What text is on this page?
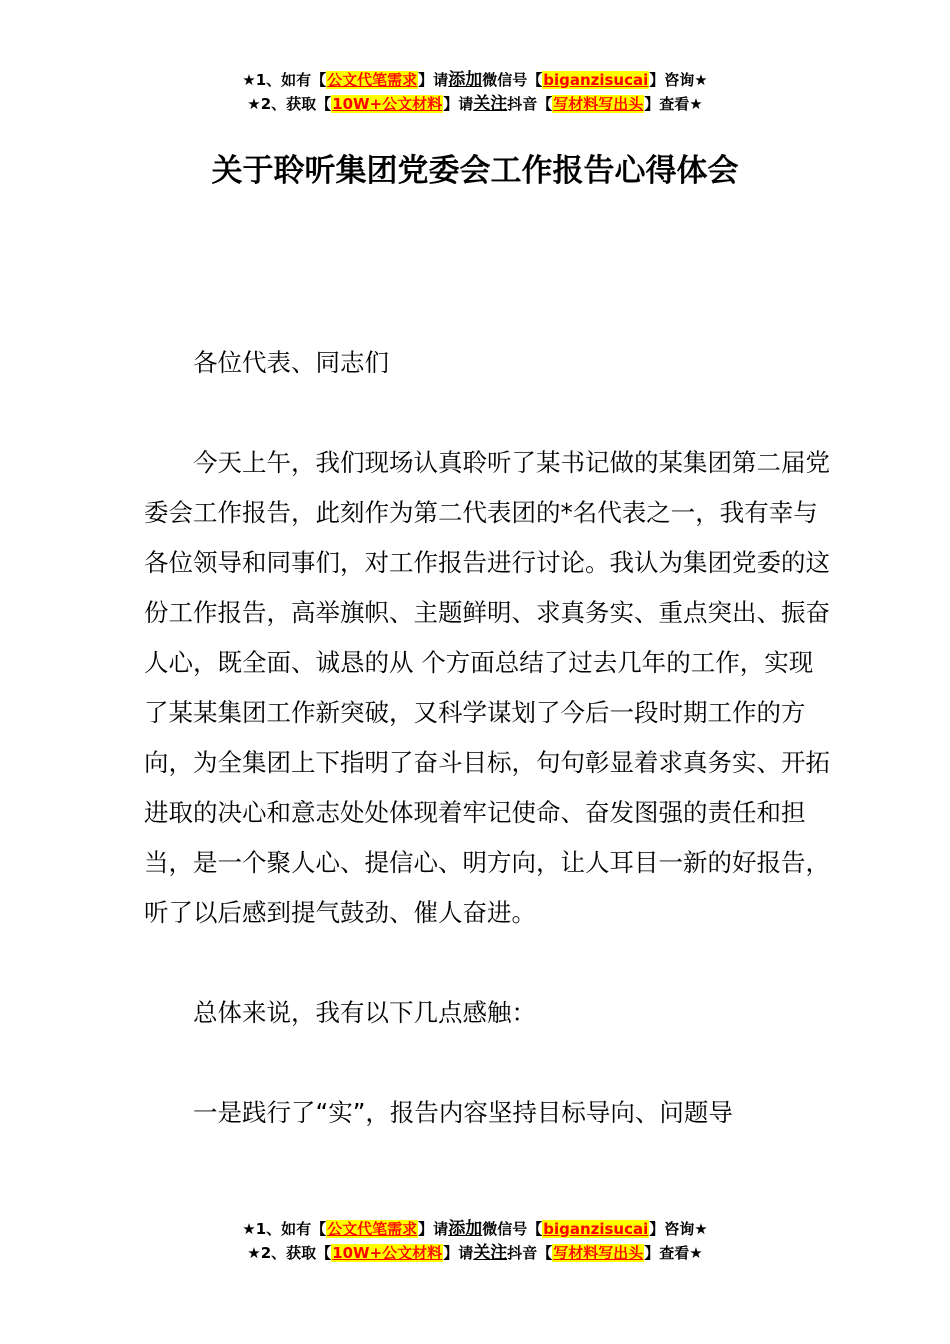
★1、如有【公文代笔需求】请添加微信号【biganzisucai】咨询★
★2、获取【10W+公文材料】请关注抖音【写材料写出头】查看★
关于聆听集团党委会工作报告心得体会

各位代表、同志们

今天上午，我们现场认真聆听了某书记做的某集团第二届党委会工作报告，此刻作为第二代表团的*名代表之一，我有幸与各位领导和同事们，对工作报告进行讨论。我认为集团党委的这份工作报告，高举旗帜、主题鲜明、求真务实、重点突出、振奋人心，既全面、诚恳的从 个方面总结了过去几年的工作，实现了某某集团工作新突破，又科学谋划了今后一段时期工作的方向，为全集团上下指明了奋斗目标，句句彰显着求真务实、开拓进取的决心和意志处处体现着牢记使命、奋发图强的责任和担当，是一个聚人心、提信心、明方向，让人耳目一新的好报告，听了以后感到提气鼓劲、催人奋进。

总体来说，我有以下几点感触：

一是践行了“实”，报告内容坚持目标导向、问题导

★1、如有【公文代笔需求】请添加微信号【biganzisucai】咨询★
★2、获取【10W+公文材料】请关注抖音【写材料写出头】查看★
